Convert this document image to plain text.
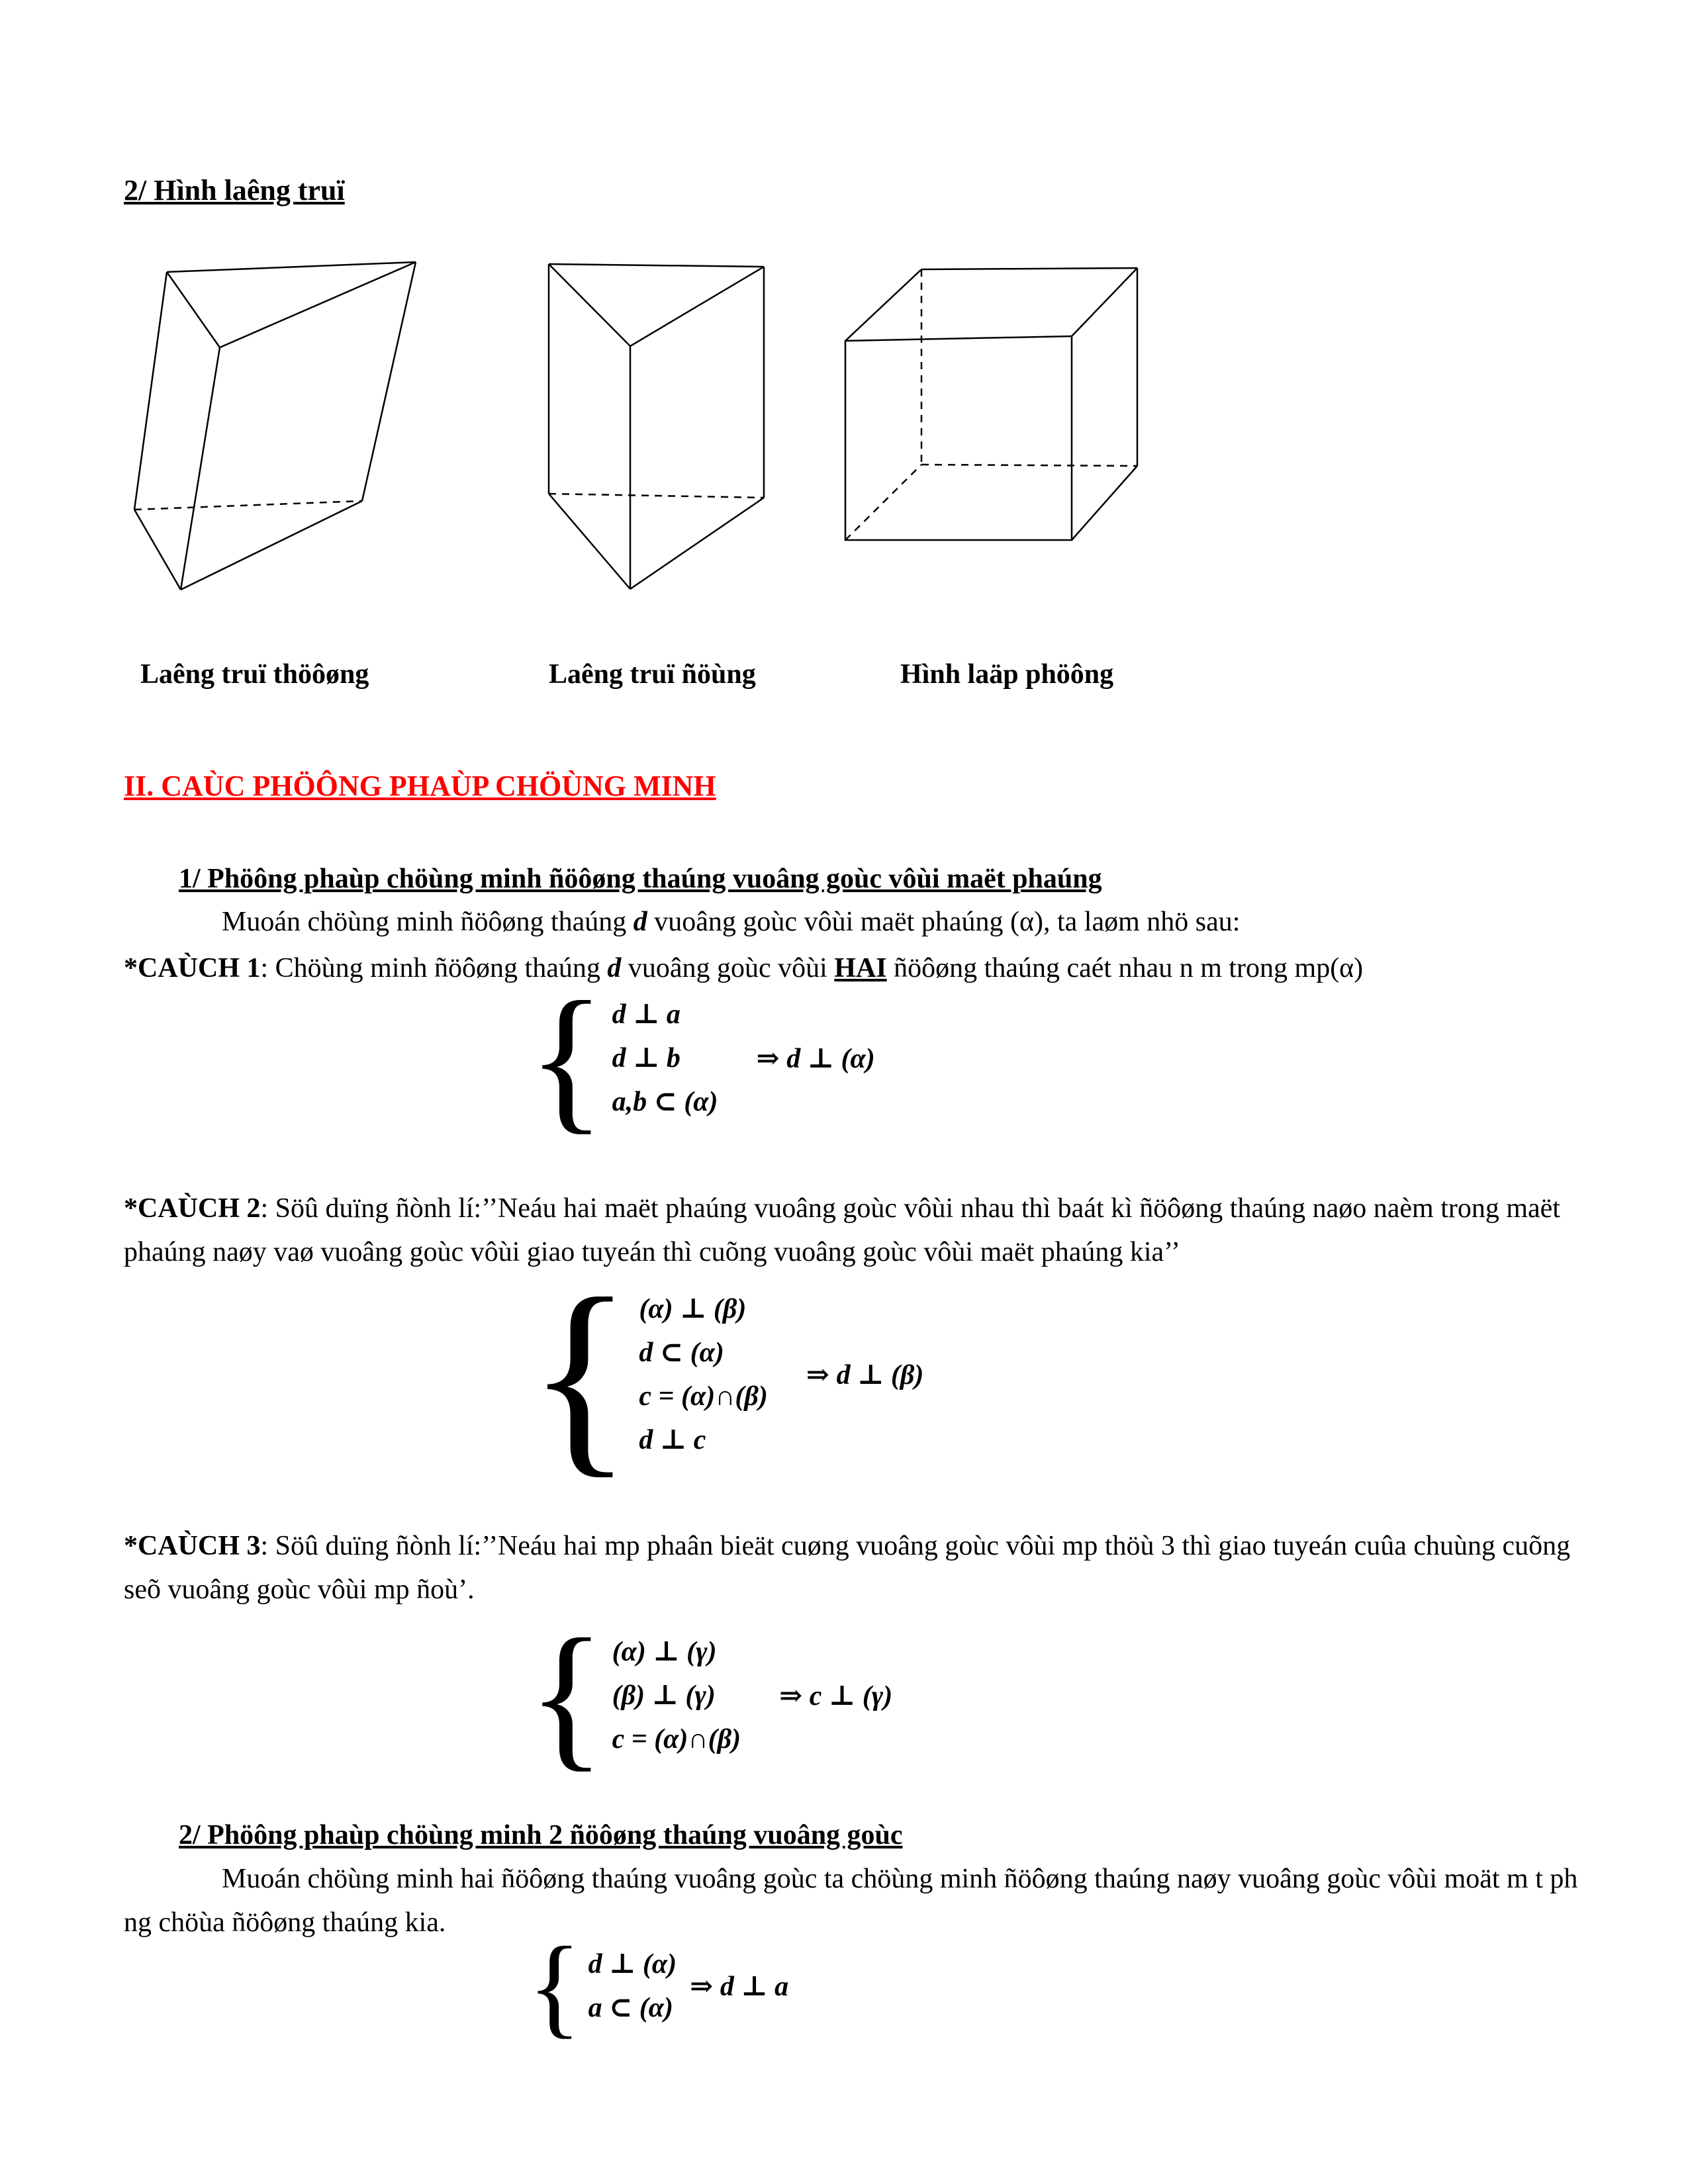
2/ Hình laêng truï
Laêng truï thöôøng	Laêng truï ñöùng	Hình laäp phöông
II. CAÙC PHÖÔNG PHAÙP CHÖÙNG MINH
1/ Phöông phaùp chöùng minh ñöôøng thaúng vuoâng goùc vôùi maët phaúng
Muoán chöùng minh ñöôøng thaúng d vuoâng goùc vôùi maët phaúng (α), ta laøm nhö sau:
*CAÙCH 1: Chöùng minh ñöôøng thaúng d vuoâng goùc vôùi HAI ñöôøng thaúng caét nhau n m trong mp(α)
{ d ⊥ a
d ⊥ b
a,b ⊂ (α)
⇒ d ⊥ (α)
*CAÙCH 2: Söû duïng ñònh lí:’’Neáu hai maët phaúng vuoâng goùc vôùi nhau thì baát kì ñöôøng thaúng naøo naèm trong maët phaúng naøy vaø vuoâng goùc vôùi giao tuyeán thì cuõng vuoâng goùc vôùi maët phaúng kia’’
{ (α) ⊥ (β)
d ⊂ (α)
c = (α)∩(β)
d ⊥ c
⇒ d ⊥ (β)
*CAÙCH 3: Söû duïng ñònh lí:’’Neáu hai mp phaân bieät cuøng vuoâng goùc vôùi mp thöù 3 thì giao tuyeán cuûa chuùng cuõng seõ vuoâng goùc vôùi mp ñoù’.
{ (α) ⊥ (γ)
(β) ⊥ (γ)
c = (α)∩(β)
⇒ c ⊥ (γ)
2/ Phöông phaùp chöùng minh 2 ñöôøng thaúng vuoâng goùc
Muoán chöùng minh hai ñöôøng thaúng vuoâng goùc ta chöùng minh ñöôøng thaúng naøy vuoâng goùc vôùi moät m t ph ng chöùa ñöôøng thaúng kia.
{ d ⊥ (α)
a ⊂ (α)
⇒ d ⊥ a
